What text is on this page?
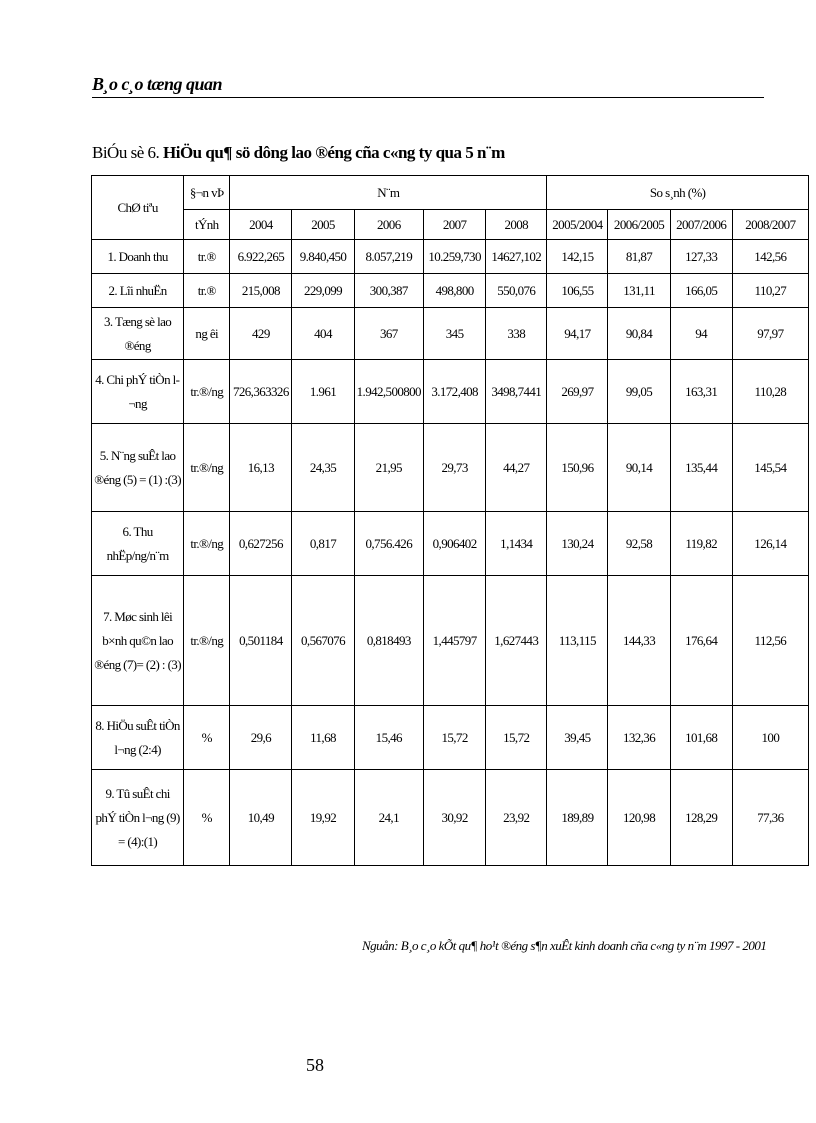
B¸o c¸o tæng quan
BiÓu sè 6. HiÖu qu¶ sö dông lao ®éng cña c«ng ty qua 5 n¨m
ChØ tiªu	§¬n vÞ	N¨m					So s¸nh (%)			
	tÝnh	2004	2005	2006	2007	2008	2005/2004	2006/2005	2007/2006	2008/2007
1. Doanh thu	tr.®	6.922,265	9.840,450	8.057,219	10.259,730	14627,102	142,15	81,87	127,33	142,56
2. Lîi nhuËn	tr.®	215,008	229,099	300,387	498,800	550,076	106,55	131,11	166,05	110,27
3. Tæng sè lao ®éng	ng êi	429	404	367	345	338	94,17	90,84	94	97,97
4. Chi phÝ tiÒn l¬ng	tr.®/ng	726,363326	1.961	1.942,500800	3.172,408	3498,7441	269,97	99,05	163,31	110,28
5. N¨ng suÊt lao ®éng (5) = (1) :(3)	tr.®/ng	16,13	24,35	21,95	29,73	44,27	150,96	90,14	135,44	145,54
6. Thu nhËp/ng/n¨m	tr.®/ng	0,627256	0,817	0,756.426	0,906402	1,1434	130,24	92,58	119,82	126,14
7. Møc sinh lêi b×nh qu©n lao ®éng (7)= (2) : (3)	tr.®/ng	0,501184	0,567076	0,818493	1,445797	1,627443	113,115	144,33	176,64	112,56
8. HiÖu suÊt tiÒn l¬ng (2:4)	%	29,6	11,68	15,46	15,72	15,72	39,45	132,36	101,68	100
9. Tû suÊt chi phÝ tiÒn l¬ng (9) = (4):(1)	%	10,49	19,92	24,1	30,92	23,92	189,89	120,98	128,29	77,36
Nguån: B¸o c¸o kÕt qu¶ ho¹t ®éng s¶n xuÊt kinh doanh cña c«ng ty n¨m 1997 - 2001
58
